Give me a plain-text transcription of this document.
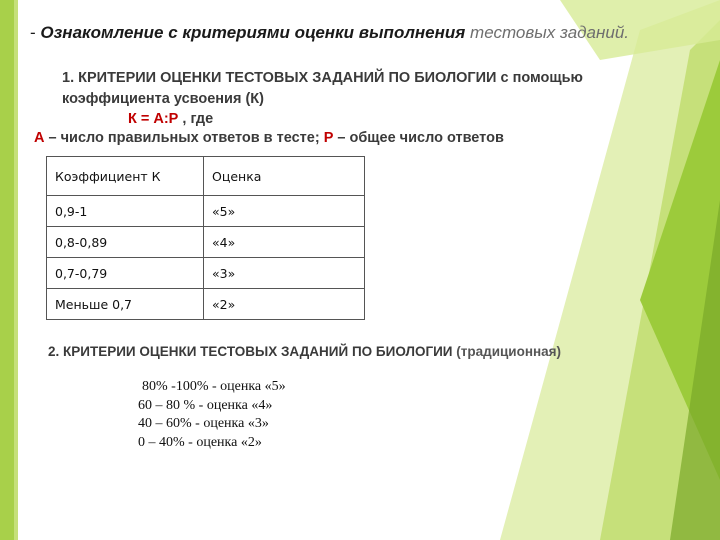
- Ознакомление с критериями оценки выполнения тестовых заданий.
1. КРИТЕРИИ ОЦЕНКИ ТЕСТОВЫХ ЗАДАНИЙ ПО БИОЛОГИИ с помощью
коэффициента усвоения (К)
К = А:Р , где
А – число правильных ответов в тесте; Р – общее число ответов
Коэффициент К	Оценка
0,9-1	«5»
0,8-0,89	«4»
0,7-0,79	«3»
Меньше 0,7	«2»
2. КРИТЕРИИ ОЦЕНКИ ТЕСТОВЫХ ЗАДАНИЙ ПО БИОЛОГИИ (традиционная)
80% -100% - оценка «5»
60 – 80 % - оценка «4»
40 – 60% - оценка «3»
0 – 40% - оценка «2»
